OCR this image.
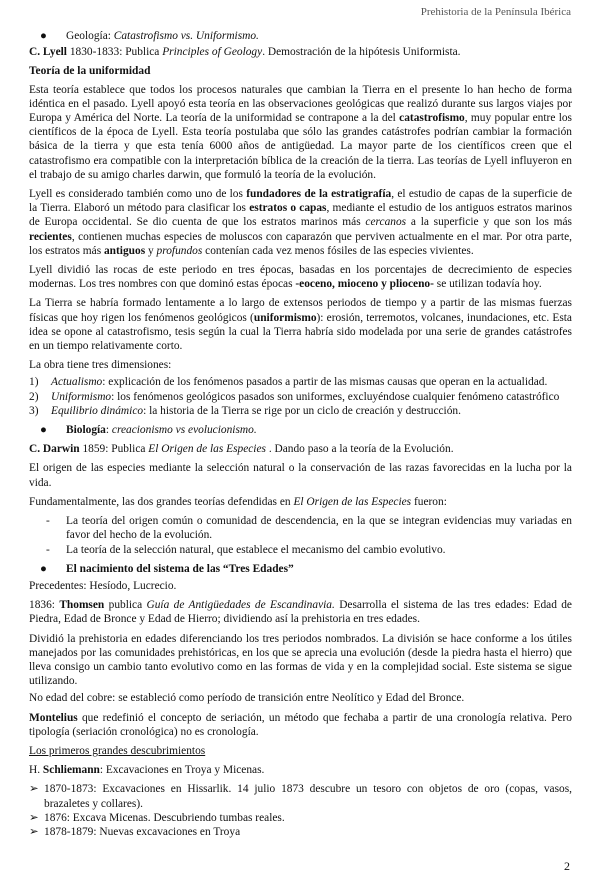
Prehistoria de la Península Ibérica
● Geología: Catastrofismo vs. Uniformismo.
C. Lyell 1830-1833: Publica Principles of Geology. Demostración de la hipótesis Uniformista.
Teoría de la uniformidad
Esta teoría establece que todos los procesos naturales que cambian la Tierra en el presente lo han hecho de forma idéntica en el pasado. Lyell apoyó esta teoría en las observaciones geológicas que realizó durante sus largos viajes por Europa y América del Norte. La teoría de la uniformidad se contrapone a la del catastrofismo, muy popular entre los científicos de la época de Lyell. Esta teoría postulaba que sólo las grandes catástrofes podrían cambiar la formación básica de la tierra y que esta tenía 6000 años de antigüedad. La mayor parte de los científicos creen que el catastrofismo era compatible con la interpretación bíblica de la creación de la tierra. Las teorías de Lyell influyeron en el trabajo de su amigo charles darwin, que formuló la teoría de la evolución.
Lyell es considerado también como uno de los fundadores de la estratigrafía, el estudio de capas de la superficie de la Tierra. Elaboró un método para clasificar los estratos o capas, mediante el estudio de los antiguos estratos marinos de Europa occidental. Se dio cuenta de que los estratos marinos más cercanos a la superficie y que son los más recientes, contienen muchas especies de moluscos con caparazón que perviven actualmente en el mar. Por otra parte, los estratos más antiguos y profundos contenían cada vez menos fósiles de las especies vivientes.
Lyell dividió las rocas de este periodo en tres épocas, basadas en los porcentajes de decrecimiento de especies modernas. Los tres nombres con que dominó estas épocas -eoceno, mioceno y plioceno- se utilizan todavía hoy.
La Tierra se habría formado lentamente a lo largo de extensos periodos de tiempo y a partir de las mismas fuerzas físicas que hoy rigen los fenómenos geológicos (uniformismo): erosión, terremotos, volcanes, inundaciones, etc. Esta idea se opone al catastrofismo, tesis según la cual la Tierra habría sido modelada por una serie de grandes catástrofes en un tiempo relativamente corto.
La obra tiene tres dimensiones:
1) Actualismo: explicación de los fenómenos pasados a partir de las mismas causas que operan en la actualidad.
2) Uniformismo: los fenómenos geológicos pasados son uniformes, excluyéndose cualquier fenómeno catastrófico
3) Equilibrio dinámico: la historia de la Tierra se rige por un ciclo de creación y destrucción.
● Biología: creacionismo vs evolucionismo.
C. Darwin 1859: Publica El Origen de las Especies . Dando paso a la teoría de la Evolución.
El origen de las especies mediante la selección natural o la conservación de las razas favorecidas en la lucha por la vida.
Fundamentalmente, las dos grandes teorías defendidas en El Origen de las Especies fueron:
- La teoría del origen común o comunidad de descendencia, en la que se integran evidencias muy variadas en favor del hecho de la evolución.
- La teoría de la selección natural, que establece el mecanismo del cambio evolutivo.
● El nacimiento del sistema de las “Tres Edades”
Precedentes: Hesíodo, Lucrecio.
1836: Thomsen publica Guía de Antigüedades de Escandinavia. Desarrolla el sistema de las tres edades: Edad de Piedra, Edad de Bronce y Edad de Hierro; dividiendo así la prehistoria en tres edades.
Dividió la prehistoria en edades diferenciando los tres periodos nombrados. La división se hace conforme a los útiles manejados por las comunidades prehistóricas, en los que se aprecia una evolución (desde la piedra hasta el hierro) que lleva consigo un cambio tanto evolutivo como en las formas de vida y en la complejidad social. Este sistema se sigue utilizando.
No edad del cobre: se estableció como período de transición entre Neolítico y Edad del Bronce.
Montelius que redefinió el concepto de seriación, un método que fechaba a partir de una cronología relativa. Pero tipología (seriación cronológica) no es cronología.
Los primeros grandes descubrimientos
H. Schliemann: Excavaciones en Troya y Micenas.
➢ 1870-1873: Excavaciones en Hissarlik. 14 julio 1873 descubre un tesoro con objetos de oro (copas, vasos, brazaletes y collares).
➢ 1876: Excava Micenas. Descubriendo tumbas reales.
➢ 1878-1879: Nuevas excavaciones en Troya
2
